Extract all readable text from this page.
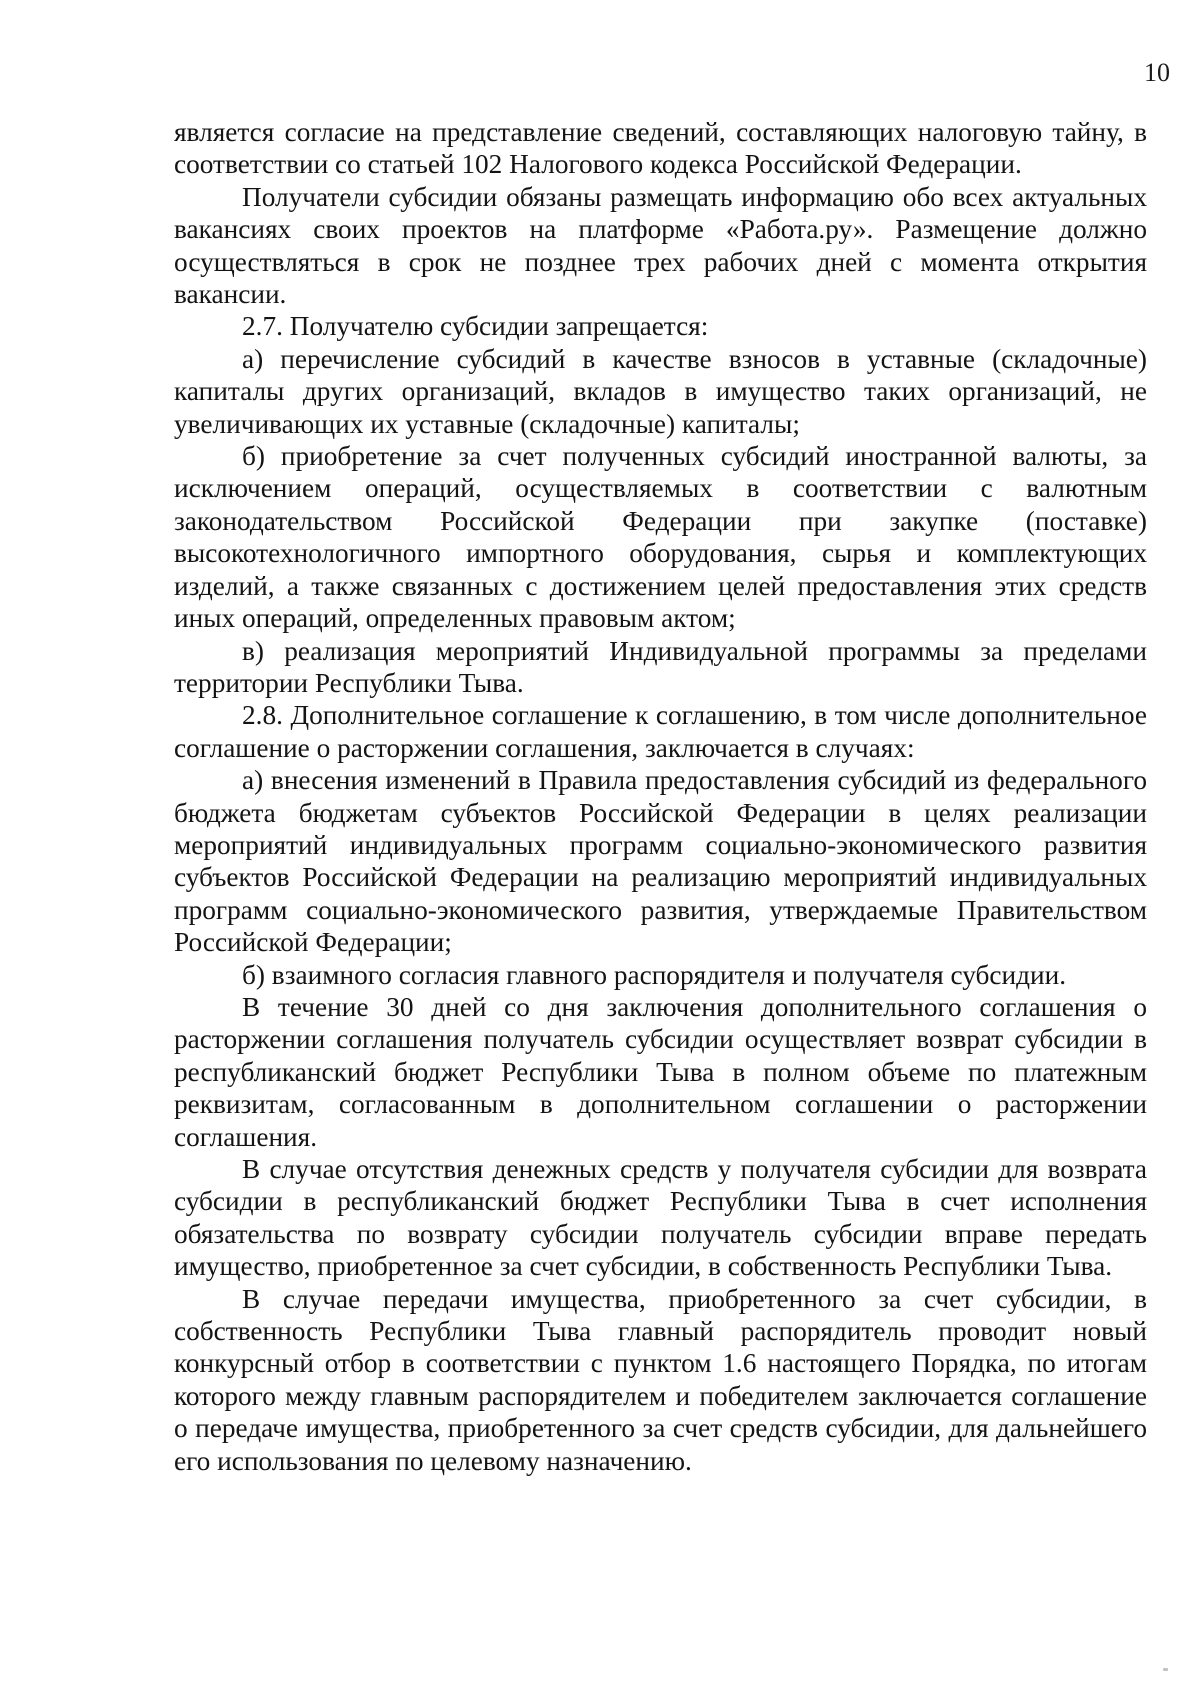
10

является согласие на представление сведений, составляющих налоговую тайну, в соответствии со статьей 102 Налогового кодекса Российской Федерации.

Получатели субсидии обязаны размещать информацию обо всех актуальных вакансиях своих проектов на платформе «Работа.ру». Размещение должно осуществляться в срок не позднее трех рабочих дней с момента открытия вакансии.

2.7. Получателю субсидии запрещается:

а) перечисление субсидий в качестве взносов в уставные (складочные) капиталы других организаций, вкладов в имущество таких организаций, не увеличивающих их уставные (складочные) капиталы;

б) приобретение за счет полученных субсидий иностранной валюты, за исключением операций, осуществляемых в соответствии с валютным законодательством Российской Федерации при закупке (поставке) высокотехнологичного импортного оборудования, сырья и комплектующих изделий, а также связанных с достижением целей предоставления этих средств иных операций, определенных правовым актом;

в) реализация мероприятий Индивидуальной программы за пределами территории Республики Тыва.

2.8. Дополнительное соглашение к соглашению, в том числе дополнительное соглашение о расторжении соглашения, заключается в случаях:

а) внесения изменений в Правила предоставления субсидий из федерального бюджета бюджетам субъектов Российской Федерации в целях реализации мероприятий индивидуальных программ социально-экономического развития субъектов Российской Федерации на реализацию мероприятий индивидуальных программ социально-экономического развития, утверждаемые Правительством Российской Федерации;

б) взаимного согласия главного распорядителя и получателя субсидии.

В течение 30 дней со дня заключения дополнительного соглашения о расторжении соглашения получатель субсидии осуществляет возврат субсидии в республиканский бюджет Республики Тыва в полном объеме по платежным реквизитам, согласованным в дополнительном соглашении о расторжении соглашения.

В случае отсутствия денежных средств у получателя субсидии для возврата субсидии в республиканский бюджет Республики Тыва в счет исполнения обязательства по возврату субсидии получатель субсидии вправе передать имущество, приобретенное за счет субсидии, в собственность Республики Тыва.

В случае передачи имущества, приобретенного за счет субсидии, в собственность Республики Тыва главный распорядитель проводит новый конкурсный отбор в соответствии с пунктом 1.6 настоящего Порядка, по итогам которого между главным распорядителем и победителем заключается соглашение о передаче имущества, приобретенного за счет средств субсидии, для дальнейшего его использования по целевому назначению.
